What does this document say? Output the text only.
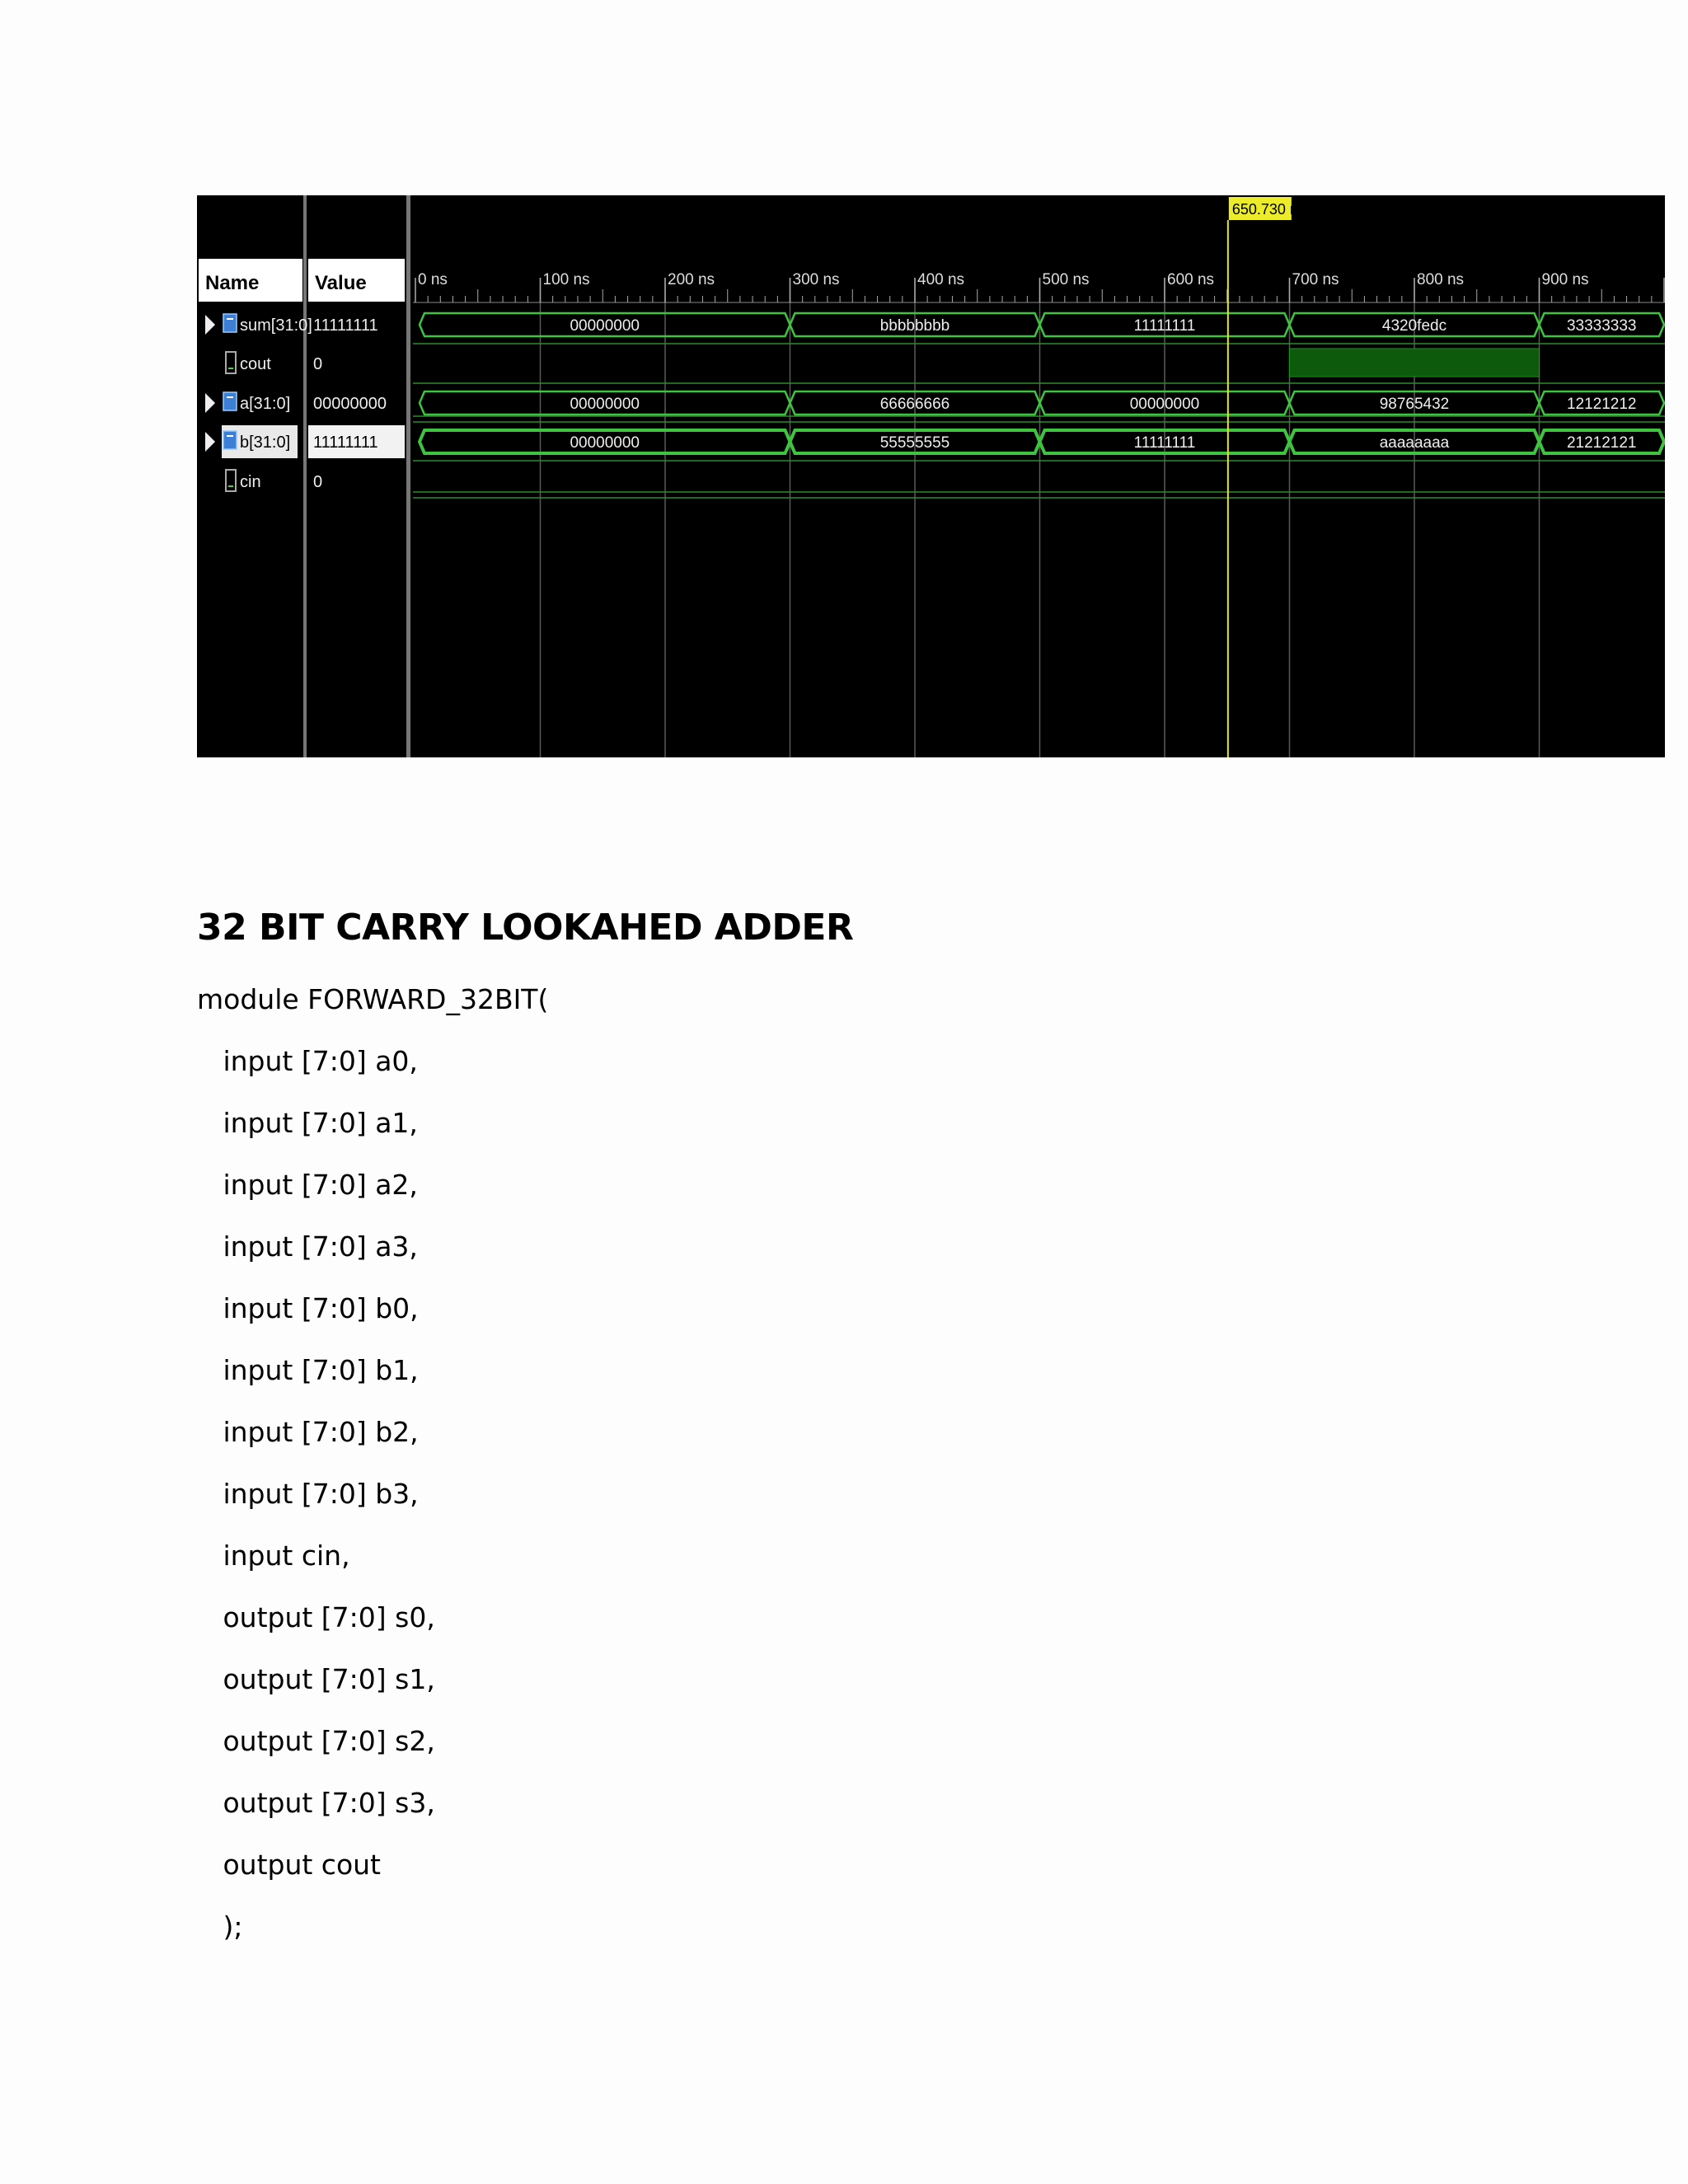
Name	Value	0 ns	100 ns	200 ns	300 ns	400 ns	500 ns	600 ns	700 ns	800 ns	900 ns
sum[31:0] 11111111	00000000	bbbbbbbb	11111111	4320fedc	33333333
cout	0
a[31:0] 00000000	00000000	66666666	00000000	98765432	12121212
b[31:0] 11111111	00000000	55555555	11111111	aaaaaaaa	21212121
cin	0
650.730 ns
32 BIT CARRY LOOKAHED ADDER
module FORWARD_32BIT(
input [7:0] a0,
input [7:0] a1,
input [7:0] a2,
input [7:0] a3,
input [7:0] b0,
input [7:0] b1,
input [7:0] b2,
input [7:0] b3,
input cin,
output [7:0] s0,
output [7:0] s1,
output [7:0] s2,
output [7:0] s3,
output cout
);
